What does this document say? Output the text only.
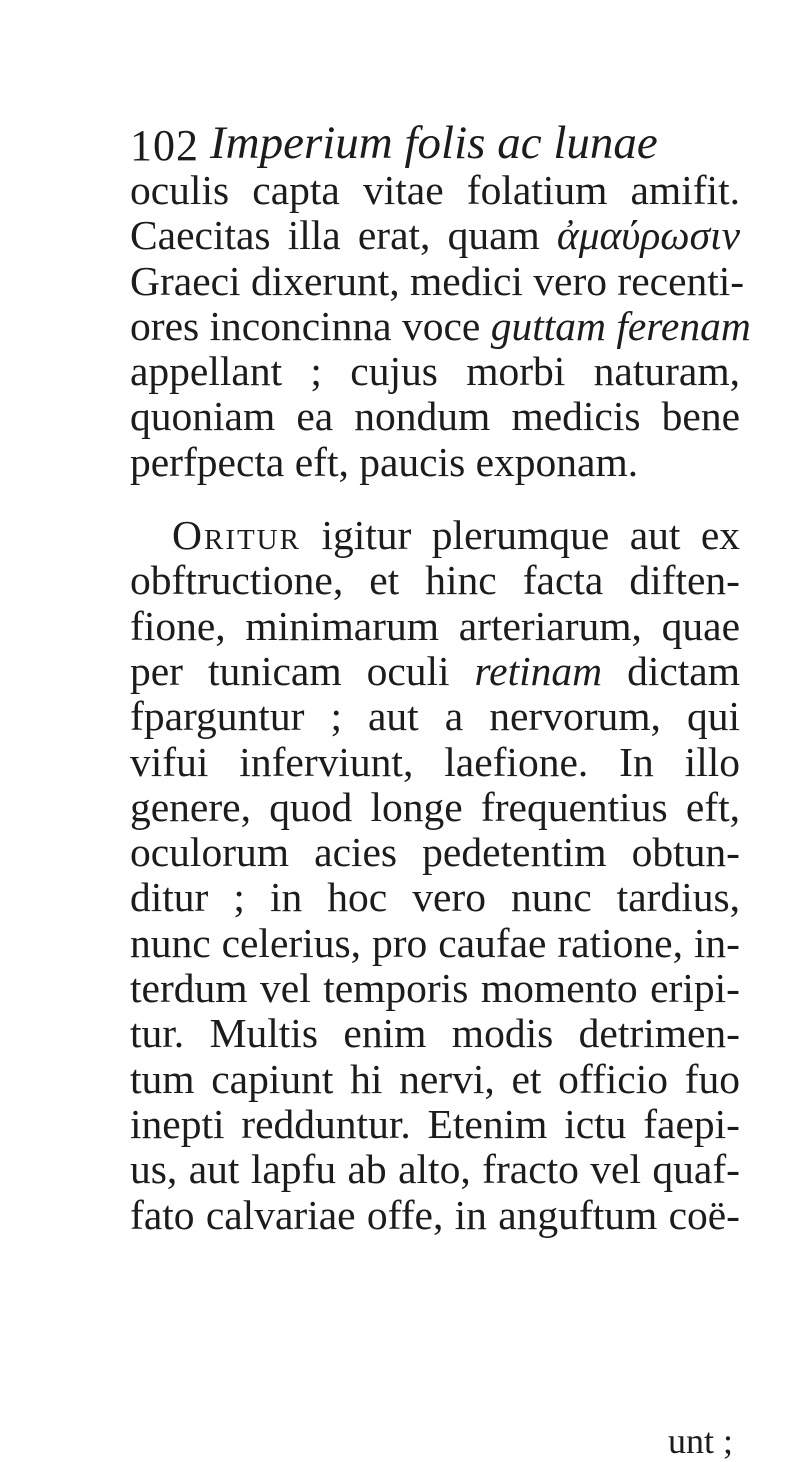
102 Imperium folis ac lunae
oculis capta vitae folatium amifit.
Caecitas illa erat, quam ἀμαύρωσιν
Graeci dixerunt, medici vero recenti-
ores inconcinna voce guttam ferenam
appellant ; cujus morbi naturam,
quoniam ea nondum medicis bene
perfpecta eft, paucis exponam.
Oritur igitur plerumque aut ex
obftructione, et hinc facta diften-
fione, minimarum arteriarum, quae
per tunicam oculi retinam dictam
fparguntur ; aut a nervorum, qui
vifui inferviunt, laefione. In illo
genere, quod longe frequentius eft,
oculorum acies pedetentim obtun-
ditur ; in hoc vero nunc tardius,
nunc celerius, pro caufae ratione, in-
terdum vel temporis momento eripi-
tur. Multis enim modis detrimen-
tum capiunt hi nervi, et officio fuo
inepti redduntur. Etenim ictu faepi-
us, aut lapfu ab alto, fracto vel quaf-
fato calvariae offe, in anguftum coë-
unt ;
